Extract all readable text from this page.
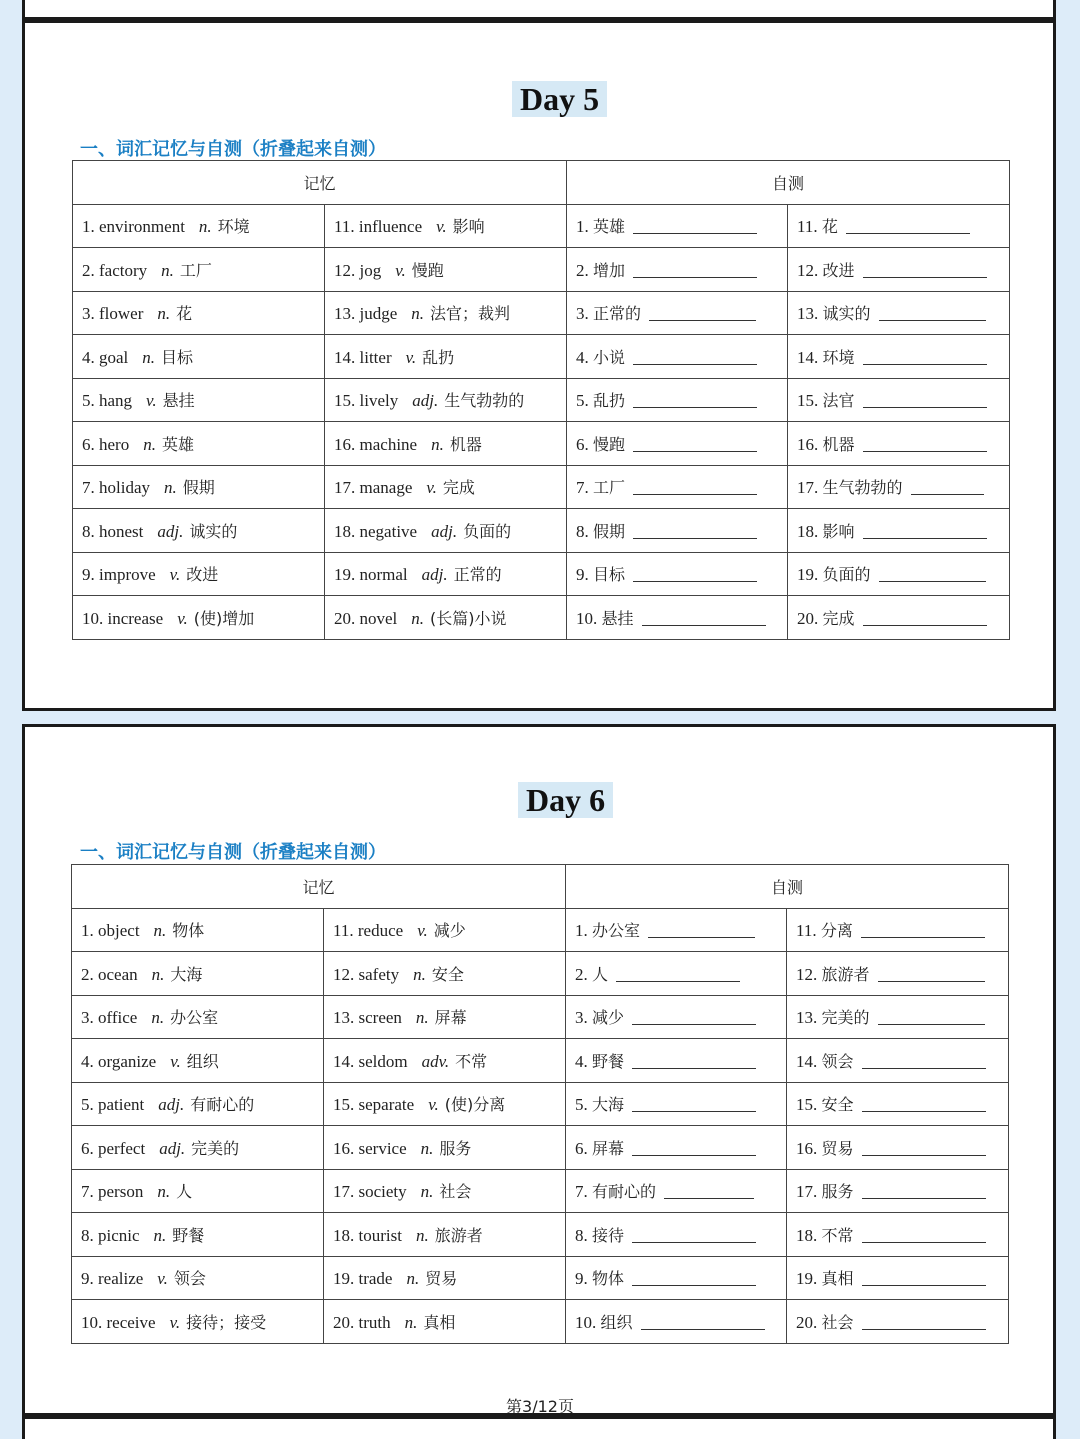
Day 5
一、词汇记忆与自测（折叠起来自测）
记忆		自测	
1. environment n. 环境	11. influence v. 影响	1. 英雄	11. 花
2. factory n. 工厂	12. jog v. 慢跑	2. 增加	12. 改进
3. flower n. 花	13. judge n. 法官；裁判	3. 正常的	13. 诚实的
4. goal n. 目标	14. litter v. 乱扔	4. 小说	14. 环境
5. hang v. 悬挂	15. lively adj. 生气勃勃的	5. 乱扔	15. 法官
6. hero n. 英雄	16. machine n. 机器	6. 慢跑	16. 机器
7. holiday n. 假期	17. manage v. 完成	7. 工厂	17. 生气勃勃的
8. honest adj. 诚实的	18. negative adj. 负面的	8. 假期	18. 影响
9. improve v. 改进	19. normal adj. 正常的	9. 目标	19. 负面的
10. increase v. (使)增加	20. novel n. (长篇)小说	10. 悬挂	20. 完成
Day 6
一、词汇记忆与自测（折叠起来自测）
记忆		自测	
1. object n. 物体	11. reduce v. 减少	1. 办公室	11. 分离
2. ocean n. 大海	12. safety n. 安全	2. 人	12. 旅游者
3. office n. 办公室	13. screen n. 屏幕	3. 减少	13. 完美的
4. organize v. 组织	14. seldom adv. 不常	4. 野餐	14. 领会
5. patient adj. 有耐心的	15. separate v. (使)分离	5. 大海	15. 安全
6. perfect adj. 完美的	16. service n. 服务	6. 屏幕	16. 贸易
7. person n. 人	17. society n. 社会	7. 有耐心的	17. 服务
8. picnic n. 野餐	18. tourist n. 旅游者	8. 接待	18. 不常
9. realize v. 领会	19. trade n. 贸易	9. 物体	19. 真相
10. receive v. 接待；接受	20. truth n. 真相	10. 组织	20. 社会
第3/12页
